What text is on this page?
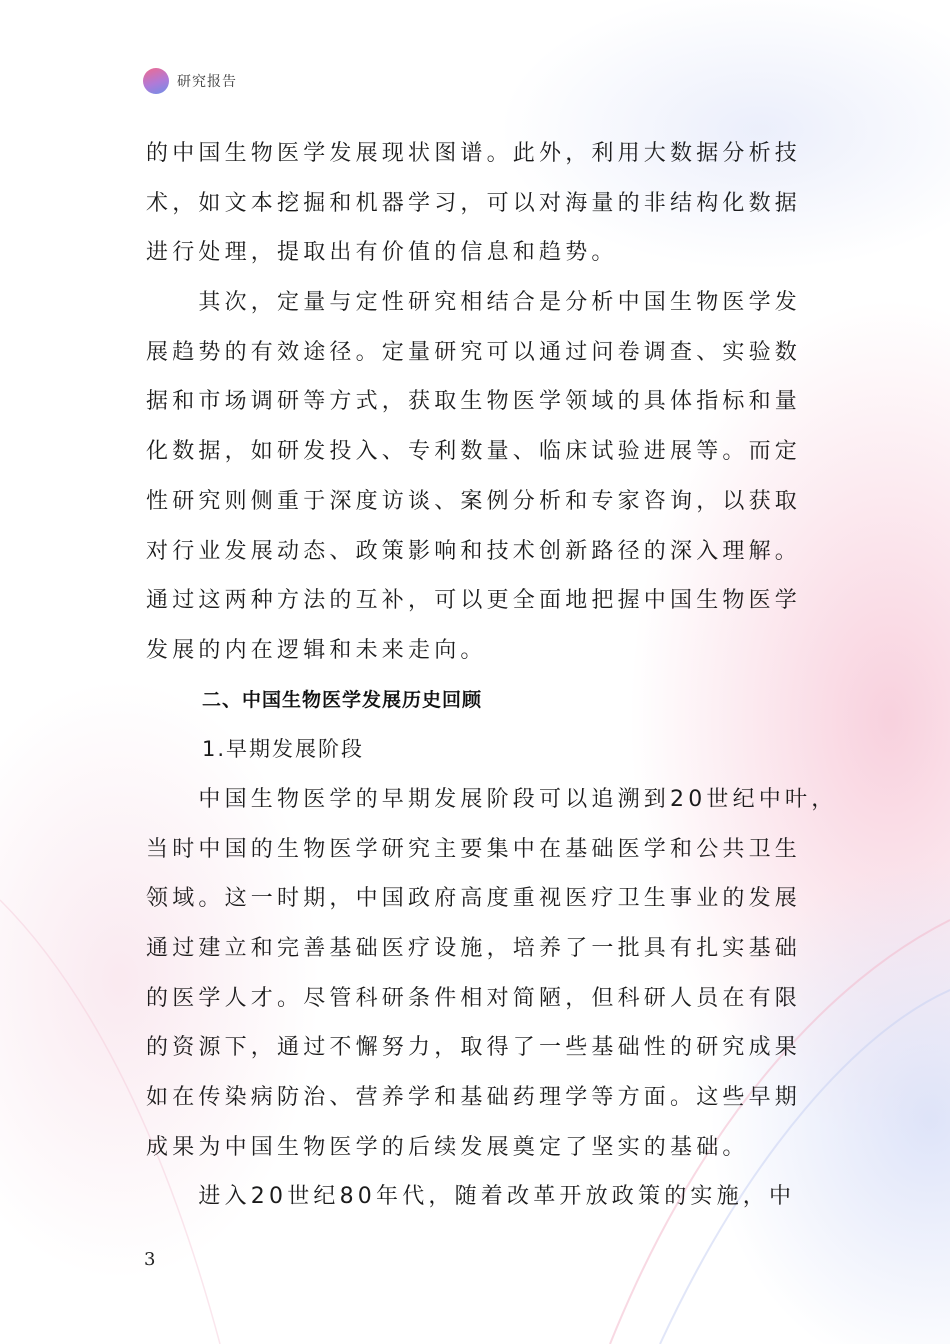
研究报告
的中国生物医学发展现状图谱。此外，利用大数据分析技
术，如文本挖掘和机器学习，可以对海量的非结构化数据
进行处理，提取出有价值的信息和趋势。
　　其次，定量与定性研究相结合是分析中国生物医学发
展趋势的有效途径。定量研究可以通过问卷调查、实验数
据和市场调研等方式，获取生物医学领域的具体指标和量
化数据，如研发投入、专利数量、临床试验进展等。而定
性研究则侧重于深度访谈、案例分析和专家咨询，以获取
对行业发展动态、政策影响和技术创新路径的深入理解。
通过这两种方法的互补，可以更全面地把握中国生物医学
发展的内在逻辑和未来走向。
二、中国生物医学发展历史回顾
1.早期发展阶段
　　中国生物医学的早期发展阶段可以追溯到20世纪中叶，
当时中国的生物医学研究主要集中在基础医学和公共卫生
领域。这一时期，中国政府高度重视医疗卫生事业的发展
通过建立和完善基础医疗设施，培养了一批具有扎实基础
的医学人才。尽管科研条件相对简陋，但科研人员在有限
的资源下，通过不懈努力，取得了一些基础性的研究成果
如在传染病防治、营养学和基础药理学等方面。这些早期
成果为中国生物医学的后续发展奠定了坚实的基础。
　　进入20世纪80年代，随着改革开放政策的实施，中
3
